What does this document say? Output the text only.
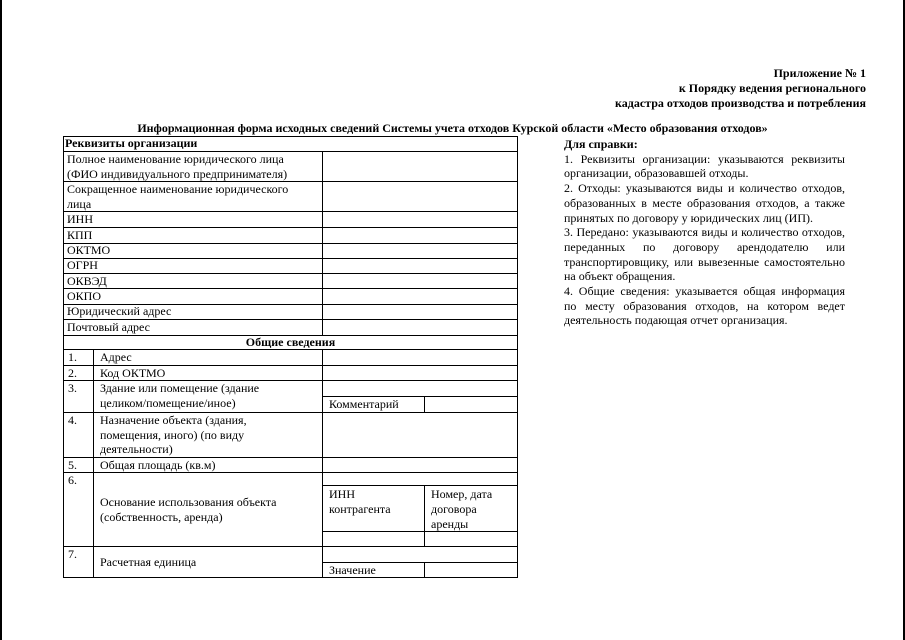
Приложение № 1
к Порядку ведения регионального
кадастра отходов производства и потребления
Информационная форма исходных сведений Системы учета отходов Курской области «Место образования отходов»
Реквизиты организации
Полное наименование юридического лица
(ФИО индивидуального предпринимателя)
Сокращенное наименование юридического
лица
ИНН
КПП
ОКТМО
ОГРН
ОКВЭД
ОКПО
Юридический адрес
Почтовый адрес
Общие сведения
1. Адрес
2. Код ОКТМО
3. Здание или помещение (здание
целиком/помещение/иное)	Комментарий
4. Назначение объекта (здания,
помещения, иного) (по виду
деятельности)
5. Общая площадь (кв.м)
6.
Основание использования объекта
(собственность, аренда)
ИНН
контрагента
Номер, дата
договора
аренды
7.
Расчетная единица
Значение
Для справки:

1. Реквизиты организации: указываются реквизиты организации, образовавшей отходы.

2. Отходы: указываются виды и количество отходов, образованных в месте образования отходов, а также принятых по договору у юридических лиц (ИП).

3. Передано: указываются виды и количество отходов, переданных по договору арендодателю или транспортировщику, или вывезенные самостоятельно на объект обращения.

4. Общие сведения: указывается общая информация по месту образования отходов, на котором ведет деятельность подающая отчет организация.
